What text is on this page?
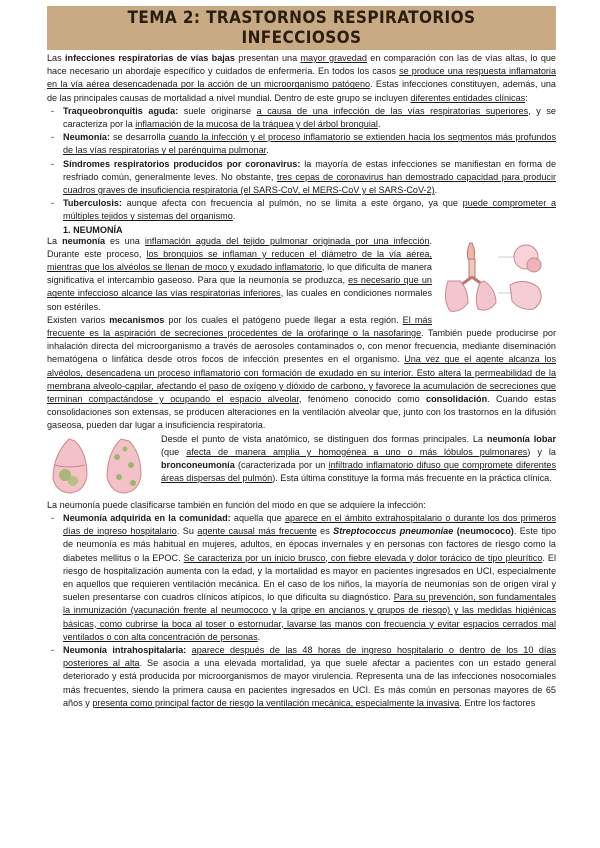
TEMA 2: TRASTORNOS RESPIRATORIOS INFECCIOSOS

Las infecciones respiratorias de vías bajas presentan una mayor gravedad en comparación con las de vías altas, lo que hace necesario un abordaje específico y cuidados de enfermería. En todos los casos se produce una respuesta inflamatoria en la vía aérea desencadenada por la acción de un microorganismo patógeno. Estas infecciones constituyen, además, una de las principales causas de mortalidad a nivel mundial. Dentro de este grupo se incluyen diferentes entidades clínicas:

- Traqueobronquitis aguda: suele originarse a causa de una infección de las vías respiratorias superiores, y se caracteriza por la inflamación de la mucosa de la tráquea y del árbol bronquial.
- Neumonía: se desarrolla cuando la infección y el proceso inflamatorio se extienden hacia los segmentos más profundos de las vías respiratorias y el parénquima pulmonar.
- Síndromes respiratorios producidos por coronavirus: la mayoría de estas infecciones se manifiestan en forma de resfriado común, generalmente leves. No obstante, tres cepas de coronavirus han demostrado capacidad para producir cuadros graves de insuficiencia respiratoria (el SARS-CoV, el MERS-CoV y el SARS-CoV-2).
- Tuberculosis: aunque afecta con frecuencia al pulmón, no se limita a este órgano, ya que puede comprometer a múltiples tejidos y sistemas del organismo.
1. NEUMONÍA

La neumonía es una inflamación aguda del tejido pulmonar originada por una infección. Durante este proceso, los bronquios se inflaman y reducen el diámetro de la vía aérea, mientras que los alvéolos se llenan de moco y exudado inflamatorio, lo que dificulta de manera significativa el intercambio gaseoso. Para que la neumonía se produzca, es necesario que un agente infeccioso alcance las vías respiratorias inferiores, las cuales en condiciones normales son estériles.

Existen varios mecanismos por los cuales el patógeno puede llegar a esta región. El más frecuente es la aspiración de secreciones procedentes de la orofaringe o la nasofaringe. También puede producirse por inhalación directa del microorganismo a través de aerosoles contaminados o, con menor frecuencia, mediante diseminación hematógena o linfática desde otros focos de infección presentes en el organismo. Una vez que el agente alcanza los alvéolos, desencadena un proceso inflamatorio con formación de exudado en su interior. Esto altera la permeabilidad de la membrana alveolo-capilar, afectando el paso de oxígeno y dióxido de carbono, y favorece la acumulación de secreciones que terminan compactándose y ocupando el espacio alveolar, fenómeno conocido como consolidación. Cuando estas consolidaciones son extensas, se producen alteraciones en la ventilación alveolar que, junto con los trastornos en la difusión gaseosa, pueden dar lugar a insuficiencia respiratoria.

Desde el punto de vista anatómico, se distinguen dos formas principales. La neumonía lobar (que afecta de manera amplia y homogénea a uno o más lóbulos pulmonares) y la bronconeumonía (caracterizada por un infiltrado inflamatorio difuso que compromete diferentes áreas dispersas del pulmón). Esta última constituye la forma más frecuente en la práctica clínica.

La neumonía puede clasificarse también en función del modo en que se adquiere la infección:

- Neumonía adquirida en la comunidad: aquella que aparece en el ámbito extrahospitalario o durante los dos primeros días de ingreso hospitalario. Su agente causal más frecuente es Streptococcus pneumoniae (neumococo). Este tipo de neumonía es más habitual en mujeres, adultos, en épocas invernales y en personas con factores de riesgo como la diabetes mellitus o la EPOC. Se caracteriza por un inicio brusco, con fiebre elevada y dolor torácico de tipo pleurítico. El riesgo de hospitalización aumenta con la edad, y la mortalidad es mayor en pacientes ingresados en UCI, especialmente en aquellos que requieren ventilación mecánica. En el caso de los niños, la mayoría de neumonías son de origen viral y suelen presentarse con cuadros clínicos atípicos, lo que dificulta su diagnóstico. Para su prevención, son fundamentales la inmunización (vacunación frente al neumococo y la gripe en ancianos y grupos de riesgo) y las medidas higiénicas básicas, como cubrirse la boca al toser o estornudar, lavarse las manos con frecuencia y evitar espacios cerrados mal ventilados o con alta concentración de personas.
- Neumonía intrahospitalaria: aparece después de las 48 horas de ingreso hospitalario o dentro de los 10 días posteriores al alta. Se asocia a una elevada mortalidad, ya que suele afectar a pacientes con un estado general deteriorado y está producida por microorganismos de mayor virulencia. Representa una de las infecciones nosocomiales más frecuentes, siendo la primera causa en pacientes ingresados en UCI. Es más común en personas mayores de 65 años y presenta como principal factor de riesgo la ventilación mecánica, especialmente la invasiva. Entre los factores
